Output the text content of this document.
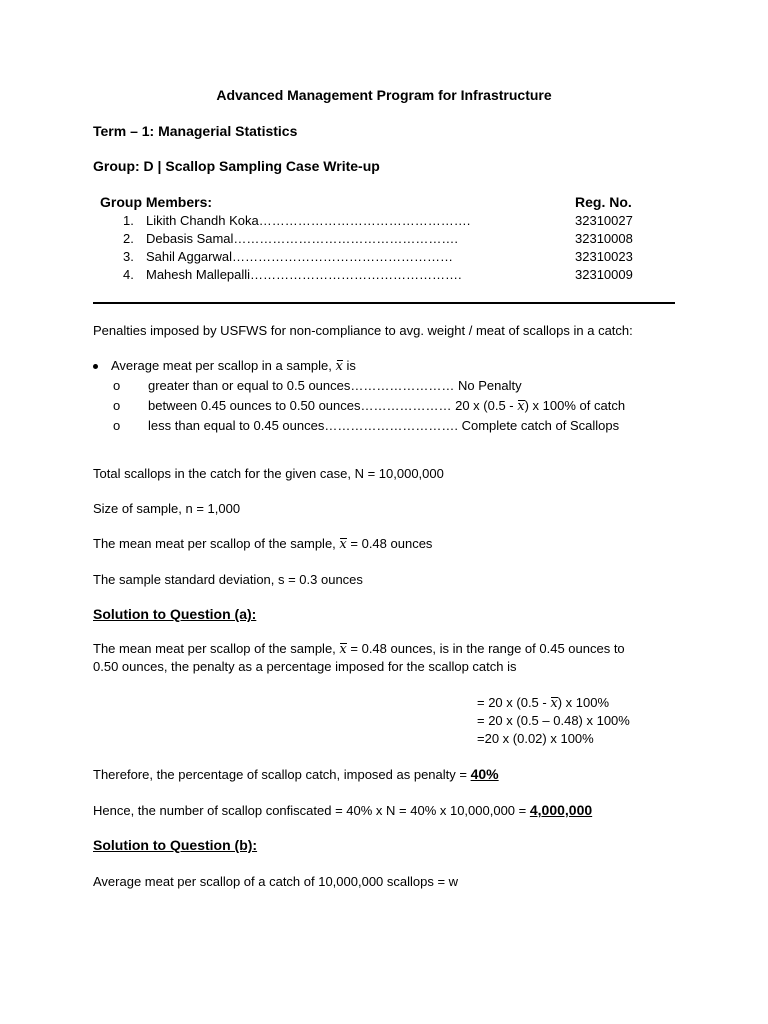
Advanced Management Program for Infrastructure
Term – 1: Managerial Statistics
Group: D | Scallop Sampling Case Write-up
Group Members:	Reg. No.
1. Likith Chandh Koka………………………………………….	32310027
2. Debasis Samal…………………………………………….	32310008
3. Sahil Aggarwal……………………………………………	32310023
4. Mahesh Mallepalli………………………………………….	32310009
Penalties imposed by USFWS for non-compliance to avg. weight / meat of scallops in a catch:
Average meat per scallop in a sample, x is
o greater than or equal to 0.5 ounces…………………… No Penalty
o between 0.45 ounces to 0.50 ounces………………… 20 x (0.5 - x) x 100% of catch
o less than equal to 0.45 ounces…………………………. Complete catch of Scallops
Total scallops in the catch for the given case, N = 10,000,000
Size of sample, n = 1,000
The mean meat per scallop of the sample, x = 0.48 ounces
The sample standard deviation, s = 0.3 ounces
Solution to Question (a):
The mean meat per scallop of the sample, x = 0.48 ounces, is in the range of 0.45 ounces to
0.50 ounces, the penalty as a percentage imposed for the scallop catch is
= 20 x (0.5 - x) x 100%
= 20 x (0.5 – 0.48) x 100%
=20 x (0.02) x 100%
Therefore, the percentage of scallop catch, imposed as penalty = 40%
Hence, the number of scallop confiscated = 40% x N = 40% x 10,000,000 = 4,000,000
Solution to Question (b):
Average meat per scallop of a catch of 10,000,000 scallops = w
